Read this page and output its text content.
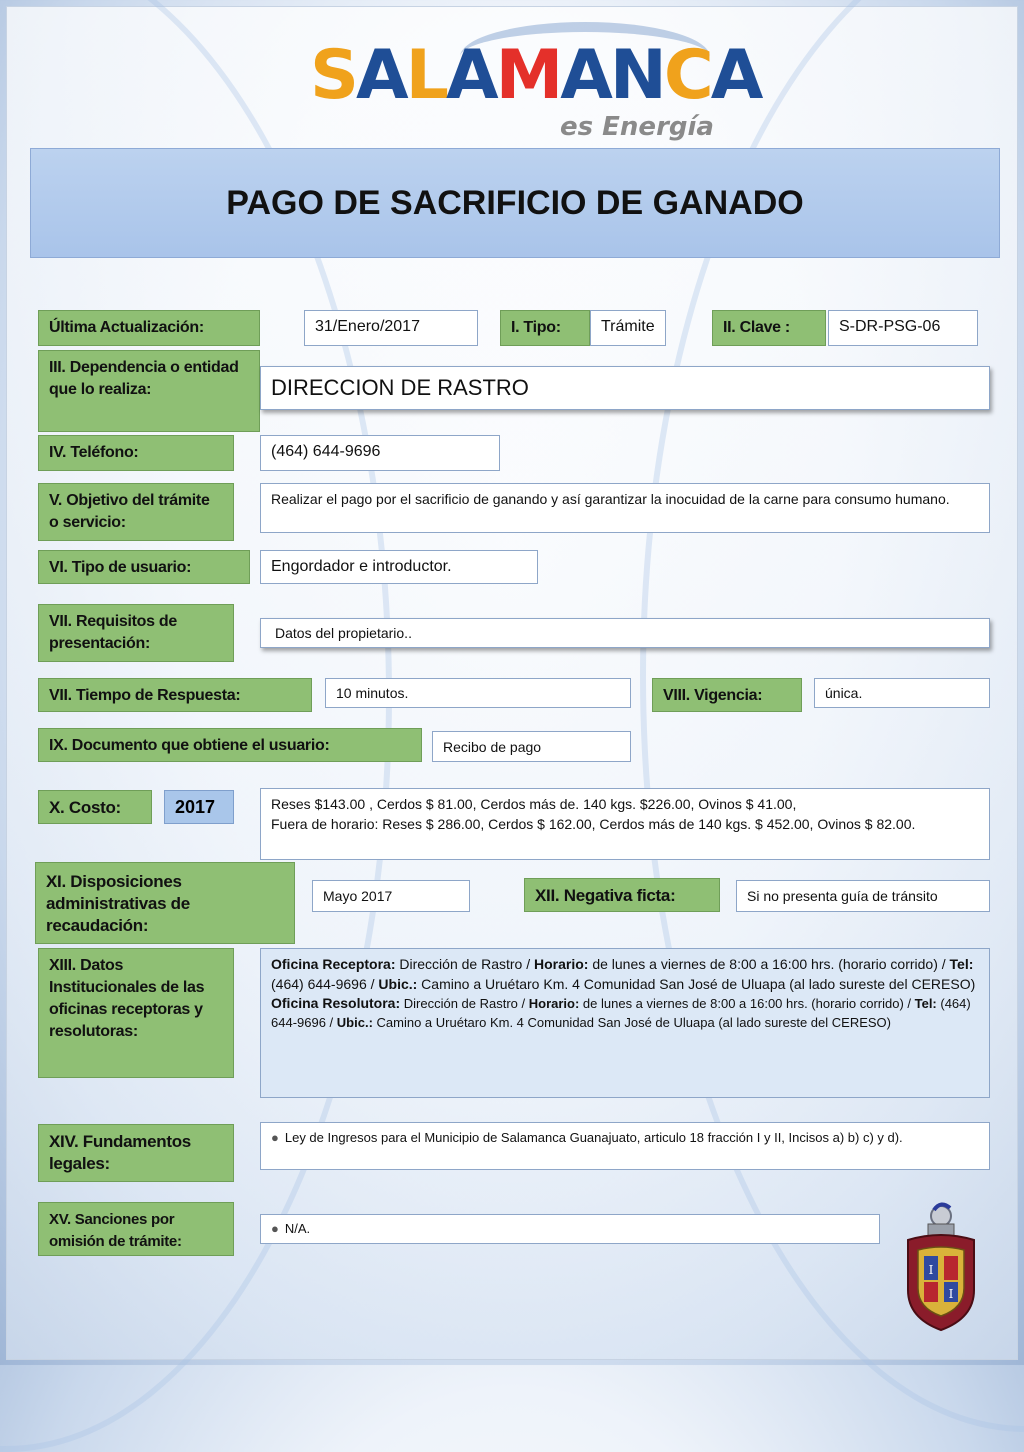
SALAMANCA
es Energía
PAGO DE SACRIFICIO DE GANADO
Última Actualización:	31/Enero/2017	I. Tipo:	Trámite	II. Clave :	S-DR-PSG-06
III. Dependencia o entidad que lo realiza:	DIRECCION DE RASTRO
IV. Teléfono:	(464) 644-9696
V. Objetivo del trámite o servicio:
Realizar el pago por el sacrificio de ganando y así garantizar la inocuidad de la carne para consumo humano.
VI. Tipo de usuario:	Engordador e introductor.
VII. Requisitos de presentación:
Datos del propietario..
VII. Tiempo de Respuesta:	10 minutos.	VIII. Vigencia:	única.
IX. Documento que obtiene el usuario:	Recibo de pago
X. Costo:	2017	Reses $143.00 , Cerdos $ 81.00, Cerdos más de. 140 kgs. $226.00, Ovinos $ 41.00,
Fuera de horario: Reses $ 286.00, Cerdos $ 162.00, Cerdos más de 140 kgs. $ 452.00, Ovinos $ 82.00.
XI. Disposiciones administrativas de recaudación:
Mayo 2017	XII. Negativa ficta:	Si no presenta guía de tránsito
XIII. Datos Institucionales de las oficinas receptoras y resolutoras:
Oficina Receptora: Dirección de Rastro / Horario: de lunes a viernes de 8:00 a 16:00 hrs. (horario corrido) / Tel: (464) 644-9696 / Ubic.: Camino a Uruétaro Km. 4 Comunidad San José de Uluapa (al lado sureste del CERESO)
Oficina Resolutora: Dirección de Rastro / Horario: de lunes a viernes de 8:00 a 16:00 hrs. (horario corrido) / Tel: (464) 644-9696 / Ubic.: Camino a Uruétaro Km. 4 Comunidad San José de Uluapa (al lado sureste del CERESO)
XIV. Fundamentos legales:
● Ley de Ingresos para el Municipio de Salamanca Guanajuato, articulo 18 fracción I y II, Incisos a) b) c) y d).
XV. Sanciones por omisión de trámite:
● N/A.
I
I
